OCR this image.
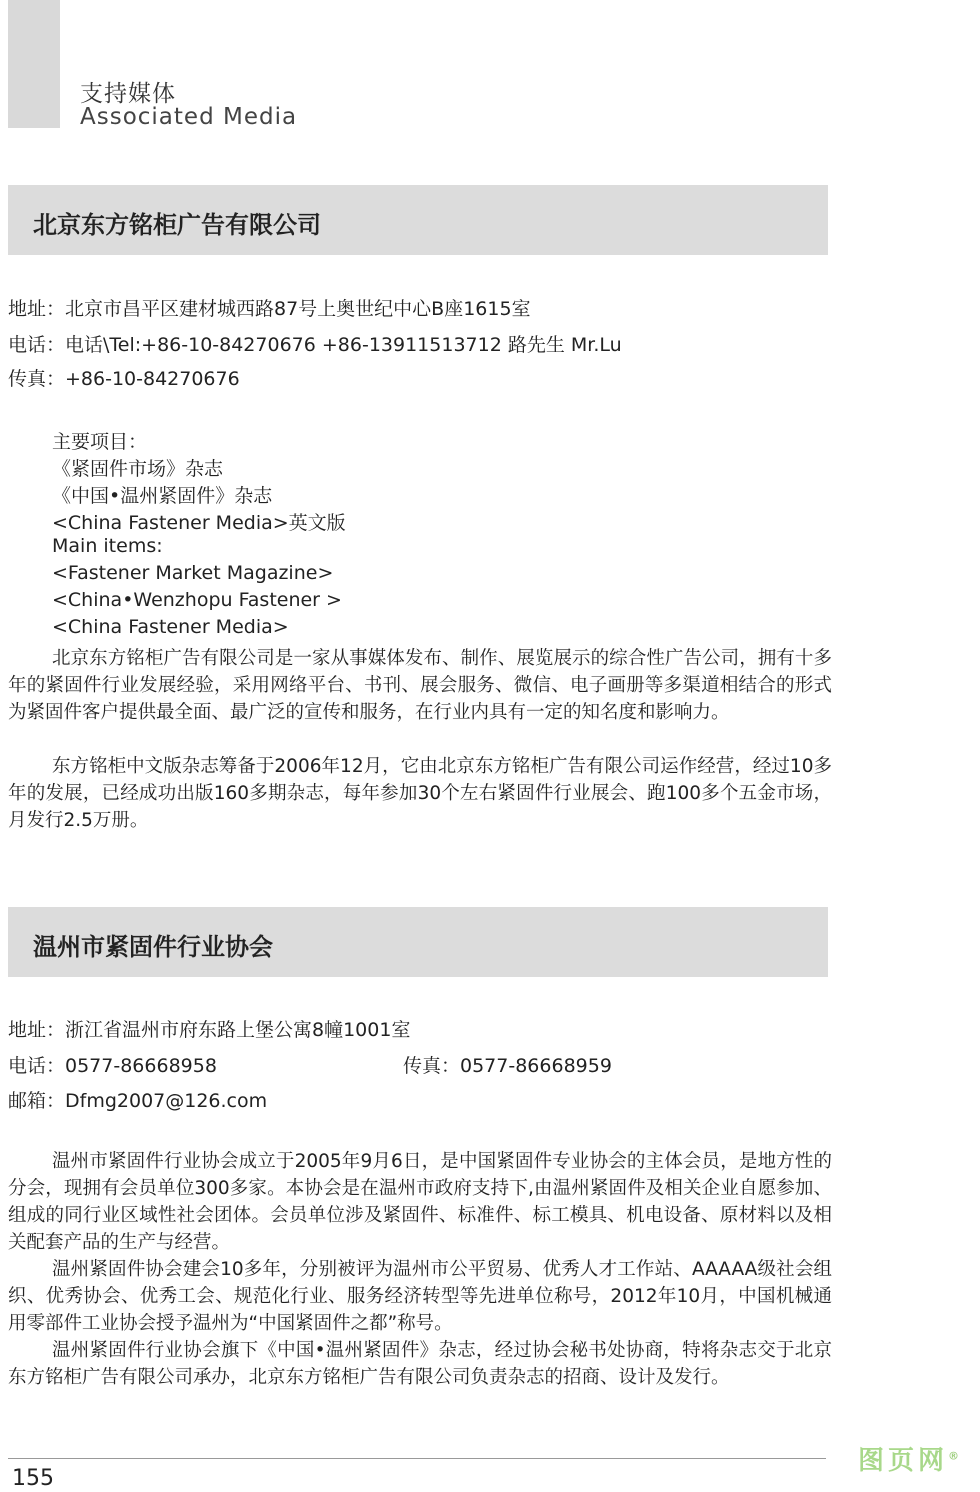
支持媒体
Associated Media
北京东方铭柜广告有限公司
地址：北京市昌平区建材城西路87号上奥世纪中心B座1615室
电话：电话\Tel:+86-10-84270676 +86-13911513712 路先生 Mr.Lu
传真：+86-10-84270676
主要项目：
《紧固件市场》杂志
《中国•温州紧固件》杂志
<China Fastener Media>英文版
Main items:
<Fastener Market Magazine>
<China•Wenzhopu Fastener >
<China Fastener Media>

北京东方铭柜广告有限公司是一家从事媒体发布、制作、展览展示的综合性广告公司，拥有十多年的紧固件行业发展经验，采用网络平台、书刊、展会服务、微信、电子画册等多渠道相结合的形式为紧固件客户提供最全面、最广泛的宣传和服务，在行业内具有一定的知名度和影响力。

东方铭柜中文版杂志筹备于2006年12月，它由北京东方铭柜广告有限公司运作经营，经过10多年的发展，已经成功出版160多期杂志，每年参加30个左右紧固件行业展会、跑100多个五金市场，月发行2.5万册。

温州市紧固件行业协会
地址：浙江省温州市府东路上堡公寓8幢1001室
电话：0577-86668958	传真：0577-86668959
邮箱：Dfmg2007@126.com

温州市紧固件行业协会成立于2005年9月6日，是中国紧固件专业协会的主体会员，是地方性的分会，现拥有会员单位300多家。本协会是在温州市政府支持下,由温州紧固件及相关企业自愿参加、组成的同行业区域性社会团体。会员单位涉及紧固件、标准件、标工模具、机电设备、原材料以及相关配套产品的生产与经营。

温州紧固件协会建会10多年，分别被评为温州市公平贸易、优秀人才工作站、AAAAA级社会组织、优秀协会、优秀工会、规范化行业、服务经济转型等先进单位称号，2012年10月，中国机械通用零部件工业协会授予温州为“中国紧固件之都”称号。

温州紧固件行业协会旗下《中国•温州紧固件》杂志，经过协会秘书处协商，特将杂志交于北京东方铭柜广告有限公司承办，北京东方铭柜广告有限公司负责杂志的招商、设计及发行。

155
图页网®
